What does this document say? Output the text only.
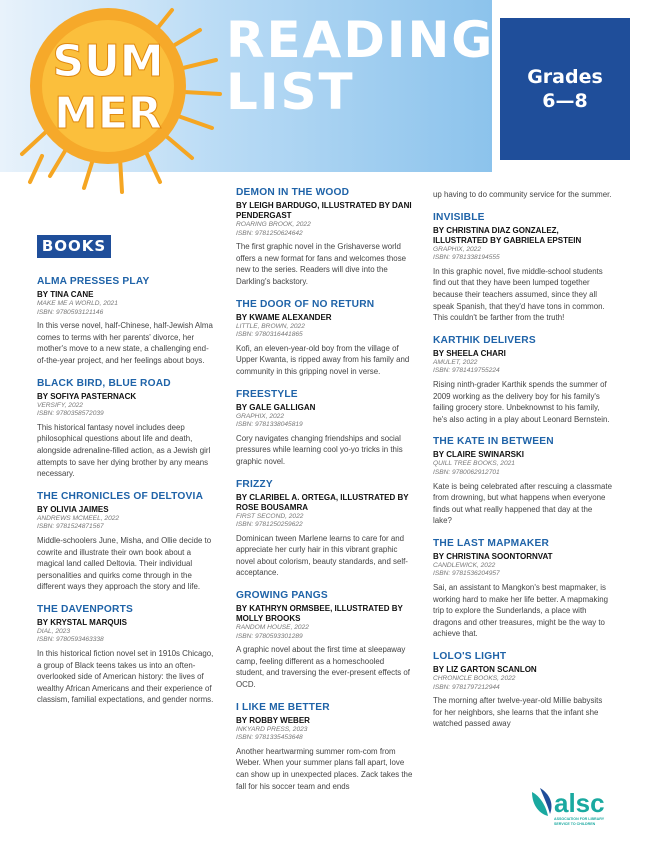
SUM
MER
READING
LIST	Grades
6—8
BOOKS
ALMA PRESSES PLAY
BY TINA CANE
MAKE ME A WORLD, 2021
ISBN: 9780593121146
In this verse novel, half-Chinese, half-Jewish Alma comes to terms with her parents' divorce, her mother's move to a new state, a challenging end-of-the-year project, and her feelings about boys.
BLACK BIRD, BLUE ROAD
BY SOFIYA PASTERNACK
VERSIFY, 2022
ISBN: 9780358572039
This historical fantasy novel includes deep philosophical questions about life and death, alongside adrenaline-filled action, as a Jewish girl attempts to save her dying brother by any means necessary.
THE CHRONICLES OF DELTOVIA
BY OLIVIA JAIMES
ANDREWS MCMEEL, 2022
ISBN: 9781524871567
Middle-schoolers June, Misha, and Ollie decide to cowrite and illustrate their own book about a magical land called Deltovia. Their individual personalities and quirks come through in the different ways they approach the story and life.
THE DAVENPORTS
BY KRYSTAL MARQUIS
DIAL, 2023
ISBN: 9780593463338
In this historical fiction novel set in 1910s Chicago, a group of Black teens takes us into an often-overlooked side of American history: the lives of wealthy African Americans and their experience of classism, familial expectations, and gender norms.
DEMON IN THE WOOD
BY LEIGH BARDUGO, ILLUSTRATED BY DANI PENDERGAST
ROARING BROOK, 2022
ISBN: 9781250624642
The first graphic novel in the Grishaverse world offers a new format for fans and welcomes those new to the series. Readers will dive into the Darkling's backstory.
THE DOOR OF NO RETURN
BY KWAME ALEXANDER
LITTLE, BROWN, 2022
ISBN: 9780316441865
Kofi, an eleven-year-old boy from the village of Upper Kwanta, is ripped away from his family and community in this gripping novel in verse.
FREESTYLE
BY GALE GALLIGAN
GRAPHIX, 2022
ISBN: 9781338045819
Cory navigates changing friendships and social pressures while learning cool yo-yo tricks in this graphic novel.
FRIZZY
BY CLARIBEL A. ORTEGA, ILLUSTRATED BY ROSE BOUSAMRA
FIRST SECOND, 2022
ISBN: 9781250259622
Dominican tween Marlene learns to care for and appreciate her curly hair in this vibrant graphic novel about colorism, beauty standards, and self-acceptance.
GROWING PANGS
BY KATHRYN ORMSBEE, ILLUSTRATED BY MOLLY BROOKS
RANDOM HOUSE, 2022
ISBN: 9780593301289
A graphic novel about the first time at sleepaway camp, feeling different as a homeschooled student, and traversing the ever-present effects of OCD.
I LIKE ME BETTER
BY ROBBY WEBER
INKYARD PRESS, 2023
ISBN: 9781335453648
Another heartwarming summer rom-com from Weber. When your summer plans fall apart, love can show up in unexpected places. Zack takes the fall for his soccer team and ends
up having to do community service for the summer.
INVISIBLE
BY CHRISTINA DIAZ GONZALEZ, ILLUSTRATED BY GABRIELA EPSTEIN
GRAPHIX, 2022
ISBN: 9781338194555
In this graphic novel, five middle-school students find out that they have been lumped together because their teachers assumed, since they all speak Spanish, that they'd have tons in common. This couldn't be farther from the truth!
KARTHIK DELIVERS
BY SHEELA CHARI
AMULET, 2022
ISBN: 9781419755224
Rising ninth-grader Karthik spends the summer of 2009 working as the delivery boy for his family's failing grocery store. Unbeknownst to his family, he's also acting in a play about Leonard Bernstein.
THE KATE IN BETWEEN
BY CLAIRE SWINARSKI
QUILL TREE BOOKS, 2021
ISBN: 9780062912701
Kate is being celebrated after rescuing a classmate from drowning, but what happens when everyone finds out what really happened that day at the lake?
THE LAST MAPMAKER
BY CHRISTINA SOONTORNVAT
CANDLEWICK, 2022
ISBN: 9781536204957
Sai, an assistant to Mangkon's best mapmaker, is working hard to make her life better. A mapmaking trip to explore the Sunderlands, a place with dragons and other treasures, might be the way to achieve that.
LOLO'S LIGHT
BY LIZ GARTON SCANLON
CHRONICLE BOOKS, 2022
ISBN: 9781797212944
The morning after twelve-year-old Millie babysits for her neighbors, she learns that the infant she watched passed away
alsc
ASSOCIATION FOR LIBRARY
SERVICE TO CHILDREN
